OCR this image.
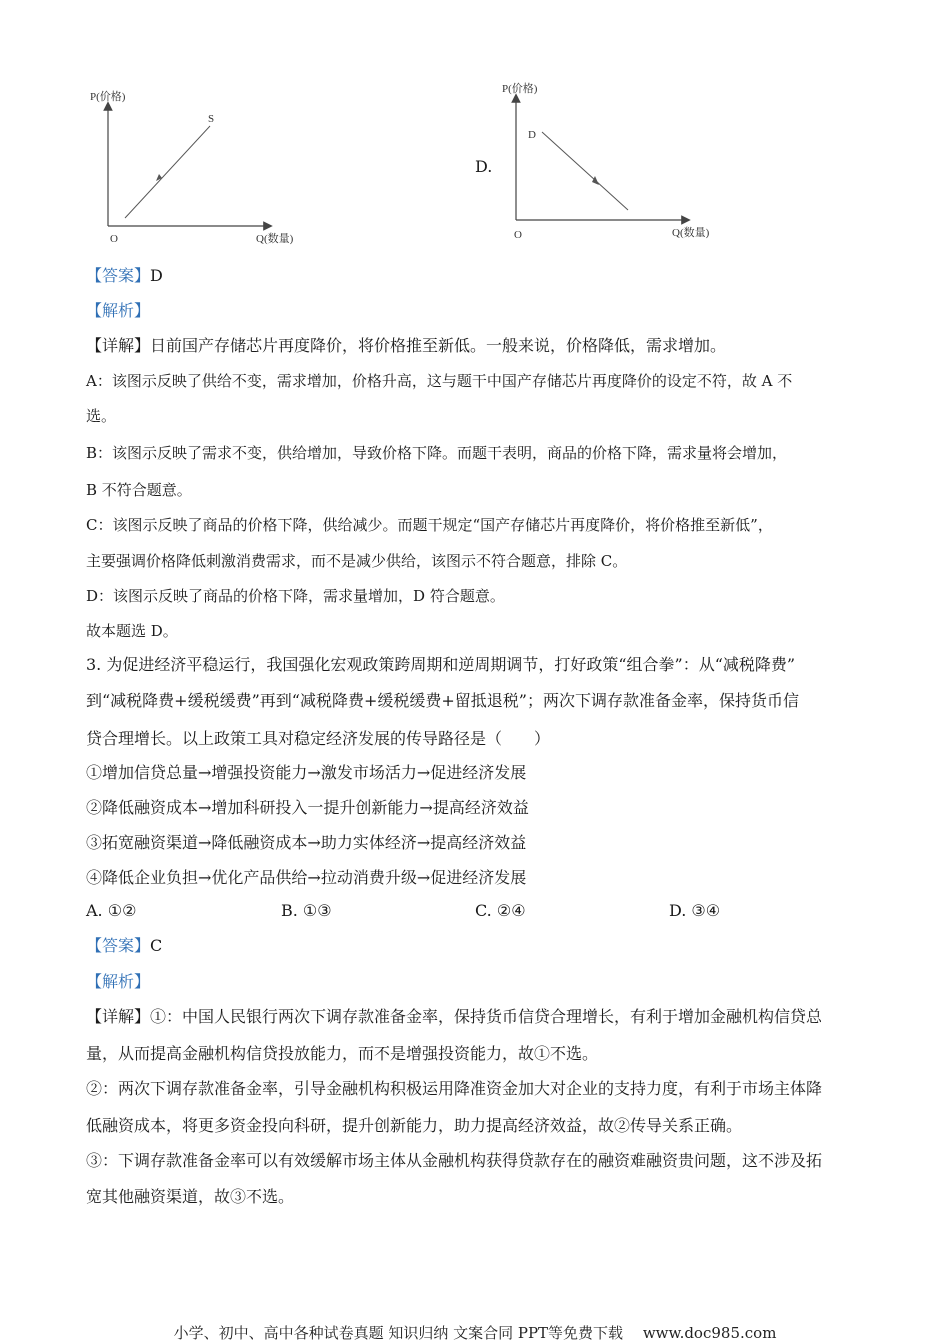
P(价格)
Q(数量)
O
S
D.
P(价格)
Q(数量)
O
D
【答案】D
【解析】
【详解】日前国产存储芯片再度降价，将价格推至新低。一般来说，价格降低，需求增加。
A：该图示反映了供给不变，需求增加，价格升高，这与题干中国产存储芯片再度降价的设定不符，故 A 不
选。
B：该图示反映了需求不变，供给增加，导致价格下降。而题干表明，商品的价格下降，需求量将会增加，
B 不符合题意。
C：该图示反映了商品的价格下降，供给减少。而题干规定“国产存储芯片再度降价，将价格推至新低”，
主要强调价格降低刺激消费需求，而不是减少供给，该图示不符合题意，排除 C。
D：该图示反映了商品的价格下降，需求量增加，D 符合题意。
故本题选 D。
3. 为促进经济平稳运行，我国强化宏观政策跨周期和逆周期调节，打好政策“组合拳”：从“减税降费”
到“减税降费+缓税缓费”再到“减税降费+缓税缓费+留抵退税”；两次下调存款准备金率，保持货币信
贷合理增长。以上政策工具对稳定经济发展的传导路径是（　　）
①增加信贷总量→增强投资能力→激发市场活力→促进经济发展
②降低融资成本→增加科研投入一提升创新能力→提高经济效益
③拓宽融资渠道→降低融资成本→助力实体经济→提高经济效益
④降低企业负担→优化产品供给→拉动消费升级→促进经济发展
A. ①②	B. ①③	C. ②④	D. ③④
【答案】C
【解析】
【详解】①：中国人民银行两次下调存款准备金率，保持货币信贷合理增长，有利于增加金融机构信贷总
量，从而提高金融机构信贷投放能力，而不是增强投资能力，故①不选。
②：两次下调存款准备金率，引导金融机构积极运用降准资金加大对企业的支持力度，有利于市场主体降
低融资成本，将更多资金投向科研，提升创新能力，助力提高经济效益，故②传导关系正确。
③：下调存款准备金率可以有效缓解市场主体从金融机构获得贷款存在的融资难融资贵问题，这不涉及拓
宽其他融资渠道，故③不选。
小学、初中、高中各种试卷真题 知识归纳 文案合同 PPT等免费下载　 www.doc985.com
